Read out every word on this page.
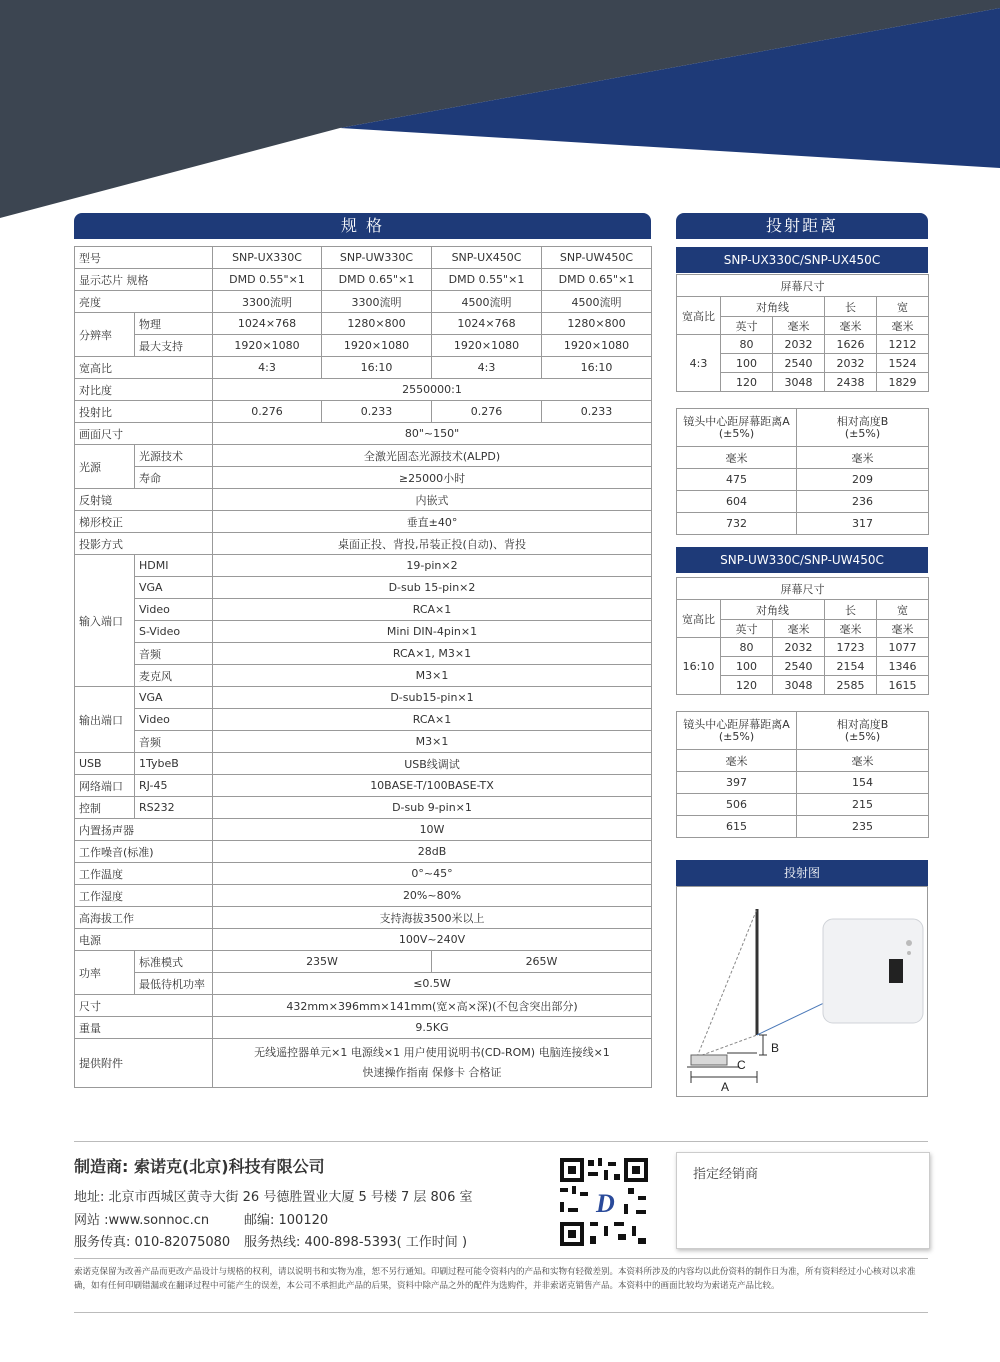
规 格
型号		SNP-UX330C	SNP-UW330C	SNP-UX450C	SNP-UW450C
显示芯片 规格		DMD 0.55"×1	DMD 0.65"×1	DMD 0.55"×1	DMD 0.65"×1
亮度		3300流明	3300流明	4500流明	4500流明
分辨率	物理	1024×768	1280×800	1024×768	1280×800
	最大支持	1920×1080	1920×1080	1920×1080	1920×1080
宽高比		4:3	16:10	4:3	16:10
对比度		2550000:1			
投射比		0.276	0.233	0.276	0.233
画面尺寸		80"~150"			
光源	光源技术	全激光固态光源技术(ALPD)			
	寿命	≥25000小时			
反射镜		内嵌式			
梯形校正		垂直±40°			
投影方式		桌面正投、背投,吊装正投(自动)、背投			
输入端口	HDMI	19-pin×2			
	VGA	D-sub 15-pin×2			
	Video	RCA×1			
	S-Video	Mini DIN-4pin×1			
	音频	RCA×1, M3×1			
	麦克风	M3×1			
输出端口	VGA	D-sub15-pin×1			
	Video	RCA×1			
	音频	M3×1			
USB	1TybeB	USB线调试			
网络端口	RJ-45	10BASE-T/100BASE-TX			
控制	RS232	D-sub 9-pin×1			
内置扬声器		10W			
工作噪音(标准)		28dB			
工作温度		0°~45°			
工作湿度		20%~80%			
高海拔工作		支持海拔3500米以上			
电源		100V~240V			
功率	标准模式	235W		265W	
	最低待机功率	≤0.5W			
尺寸		432mm×396mm×141mm(宽×高×深)(不包含突出部分)			
重量		9.5KG			
提供附件		无线遥控器单元×1 电源线×1 用户使用说明书(CD-ROM) 电脑连接线×1
快速操作指南 保修卡 合格证			
投射距离
SNP-UX330C/SNP-UX450C
屏幕尺寸				
宽高比	对角线		长	宽
	英寸	毫米	毫米	毫米
4:3	80	2032	1626	1212
	100	2540	2032	1524
	120	3048	2438	1829
镜头中心距屏幕距离A
(±5%)	相对高度B
(±5%)
毫米	毫米
475	209
604	236
732	317
SNP-UW330C/SNP-UW450C
屏幕尺寸				
宽高比	对角线		长	宽
	英寸	毫米	毫米	毫米
16:10	80	2032	1723	1077
	100	2540	2154	1346
	120	3048	2585	1615
镜头中心距屏幕距离A
(±5%)	相对高度B
(±5%)
毫米	毫米
397	154
506	215
615	235
投射图
A
C
B
制造商: 索诺克(北京)科技有限公司
地址: 北京市西城区黄寺大街 26 号德胜置业大厦 5 号楼 7 层 806 室
网站 :www.sonnoc.cn	邮编: 100120
服务传真: 010-82075080 服务热线: 400-898-5393( 工作时间 )
D
指定经销商
索诺克保留为改善产品而更改产品设计与规格的权利，请以说明书和实物为准，恕不另行通知。印刷过程可能令资料内的产品和实物有轻微差别。本资料所涉及的内容均以此份资料的制作日为准，所有资料经过小心核对以求准确，如有任何印刷错漏或在翻译过程中可能产生的误差，本公司不承担此产品的后果，资料中除产品之外的配件为选购件，并非索诺克销售产品。本资料中的画面比较均为索诺克产品比较。
